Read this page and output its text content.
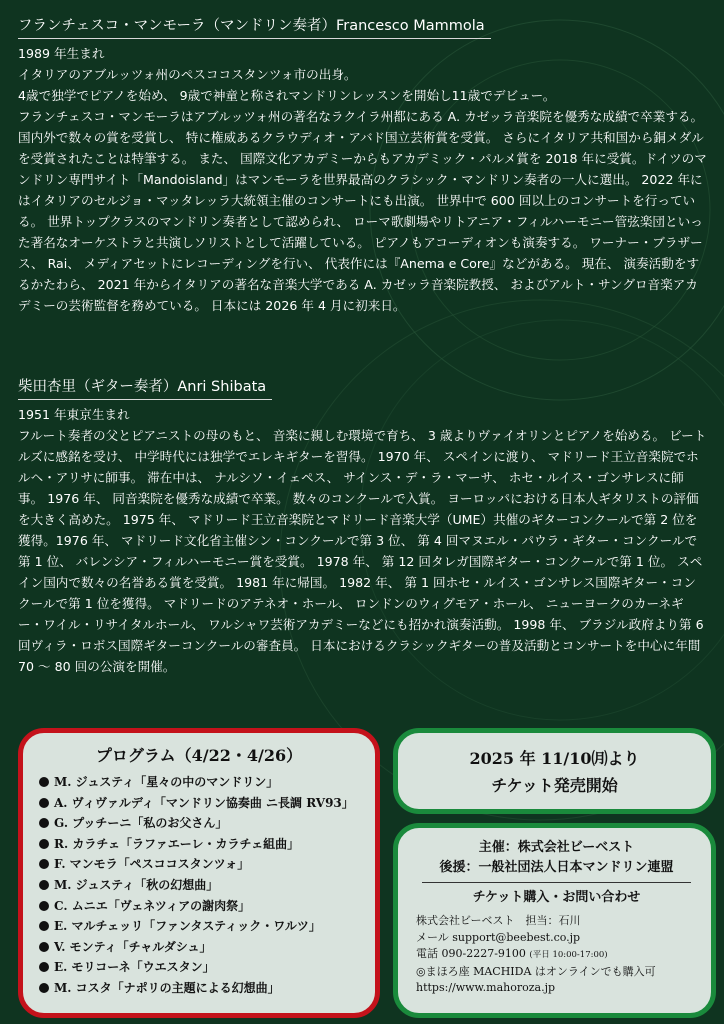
フランチェスコ・マンモーラ（マンドリン奏者）Francesco Mammola

1989 年生まれ
イタリアのアブルッツォ州のペスココスタンツォ市の出身。
4歳で独学でピアノを始め、 9歳で神童と称されマンドリンレッスンを開始し11歳でデビュー。
フランチェスコ・マンモーラはアブルッツォ州の著名なラクイラ州都にある A. カゼッラ音楽院を優秀な成績で卒業する。 国内外で数々の賞を受賞し、 特に権威あるクラウディオ・アバド国立芸術賞を受賞。 さらにイタリア共和国から銅メダルを受賞されたことは特筆する。 また、 国際文化アカデミーからもアカデミック・パルメ賞を 2018 年に受賞。ドイツのマンドリン専門サイト「Mandoisland」はマンモーラを世界最高のクラシック・マンドリン奏者の一人に選出。 2022 年にはイタリアのセルジョ・マッタレッラ大統領主催のコンサートにも出演。 世界中で 600 回以上のコンサートを行っている。 世界トップクラスのマンドリン奏者として認められ、 ローマ歌劇場やリトアニア・フィルハーモニー管弦楽団といった著名なオーケストラと共演しソリストとして活躍している。 ピアノもアコーディオンも演奏する。 ワーナー・ブラザース、 Rai、 メディアセットにレコーディングを行い、 代表作には『Anema e Core』などがある。 現在、 演奏活動をするかたわら、 2021 年からイタリアの著名な音楽大学である A. カゼッラ音楽院教授、 およびアルト・サングロ音楽アカデミーの芸術監督を務めている。 日本には 2026 年 4 月に初来日。

柴田杏里（ギター奏者）Anri Shibata

1951 年東京生まれ
フルート奏者の父とピアニストの母のもと、 音楽に親しむ環境で育ち、 3 歳よりヴァイオリンとピアノを始める。 ビートルズに感銘を受け、 中学時代には独学でエレキギターを習得。 1970 年、 スペインに渡り、 マドリード王立音楽院でホルヘ・アリサに師事。 滞在中は、 ナルシソ・イェペス、 サインス・デ・ラ・マーサ、 ホセ・ルイス・ゴンサレスに師事。 1976 年、 同音楽院を優秀な成績で卒業。 数々のコンクールで入賞。 ヨーロッパにおける日本人ギタリストの評価を大きく高めた。 1975 年、 マドリード王立音楽院とマドリード音楽大学（UME）共催のギターコンクールで第 2 位を獲得。1976 年、 マドリード文化省主催シン・コンクールで第 3 位、 第 4 回マヌエル・パウラ・ギター・コンクールで第 1 位、 バレンシア・フィルハーモニー賞を受賞。 1978 年、 第 12 回タレガ国際ギター・コンクールで第 1 位。 スペイン国内で数々の名誉ある賞を受賞。 1981 年に帰国。 1982 年、 第 1 回ホセ・ルイス・ゴンサレス国際ギター・コンクールで第 1 位を獲得。 マドリードのアテネオ・ホール、 ロンドンのウィグモア・ホール、 ニューヨークのカーネギー・ワイル・リサイタルホール、 ワルシャワ芸術アカデミーなどにも招かれ演奏活動。 1998 年、 ブラジル政府より第 6 回ヴィラ・ロボス国際ギターコンクールの審査員。 日本におけるクラシックギターの普及活動とコンサートを中心に年間 70 ～ 80 回の公演を開催。

プログラム（4/22・4/26）
M. ジュスティ「星々の中のマンドリン」
A. ヴィヴァルディ「マンドリン協奏曲 ニ長調 RV93」
G. プッチーニ「私のお父さん」
R. カラチェ「ラファエーレ・カラチェ組曲」
F. マンモラ「ペスココスタンツォ」
M. ジュスティ「秋の幻想曲」
C. ムニエ「ヴェネツィアの謝肉祭」
E. マルチェッリ「ファンタスティック・ワルツ」
V. モンティ「チャルダシュ」
E. モリコーネ「ウエスタン」
M. コスタ「ナポリの主題による幻想曲」

2025 年 11/10㈪より

チケット発売開始

主催：株式会社ビーベスト

後援：一般社団法人日本マンドリン連盟

チケット購入・お問い合わせ

株式会社ビーベスト　担当：石川

メール support@beebest.co.jp

電話 090-2227-9100 (平日 10:00-17:00)

◎まほろ座 MACHIDA はオンラインでも購入可

https://www.mahoroza.jp
